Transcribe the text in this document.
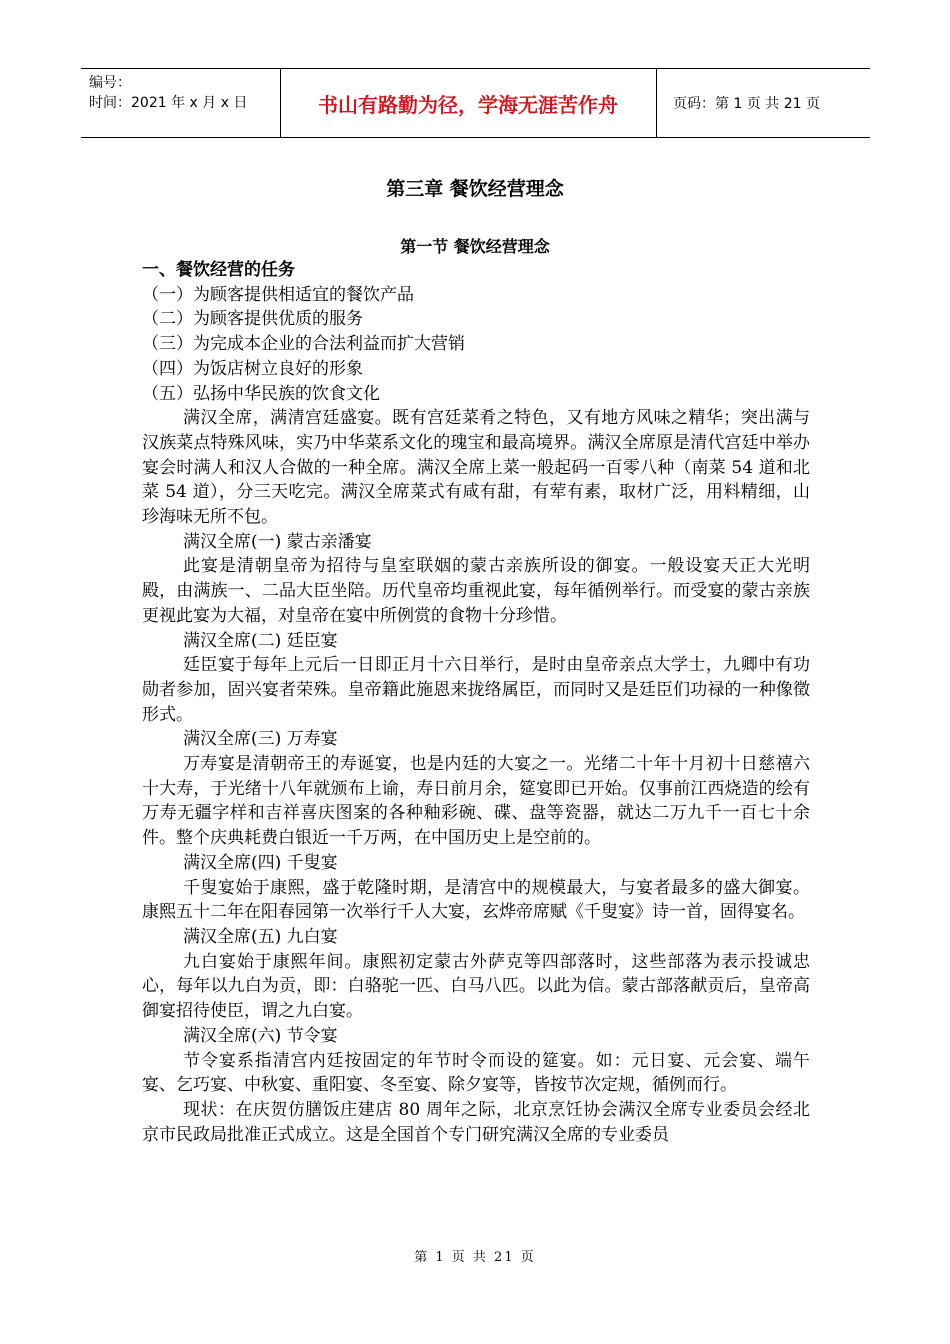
编号：
时间：2021 年 x 月 x 日	书山有路勤为径，学海无涯苦作舟	页码：第 1 页 共 21 页
第三章 餐饮经营理念
第一节 餐饮经营理念

一、餐饮经营的任务

（一）为顾客提供相适宜的餐饮产品

（二）为顾客提供优质的服务

（三）为完成本企业的合法利益而扩大营销

（四）为饭店树立良好的形象

（五）弘扬中华民族的饮食文化

满汉全席，满清宫廷盛宴。既有宫廷菜肴之特色，又有地方风味之精华；突出满与汉族菜点特殊风味，实乃中华菜系文化的瑰宝和最高境界。满汉全席原是清代宫廷中举办宴会时满人和汉人合做的一种全席。满汉全席上菜一般起码一百零八种（南菜 54 道和北菜 54 道），分三天吃完。满汉全席菜式有咸有甜，有荤有素，取材广泛，用料精细，山珍海味无所不包。

满汉全席(一) 蒙古亲潘宴

此宴是清朝皇帝为招待与皇室联姻的蒙古亲族所设的御宴。一般设宴天正大光明殿，由满族一、二品大臣坐陪。历代皇帝均重视此宴，每年循例举行。而受宴的蒙古亲族更视此宴为大福，对皇帝在宴中所例赏的食物十分珍惜。

满汉全席(二) 廷臣宴

廷臣宴于每年上元后一日即正月十六日举行，是时由皇帝亲点大学士，九卿中有功勋者参加，固兴宴者荣殊。皇帝籍此施恩来拢络属臣，而同时又是廷臣们功禄的一种像徵形式。

满汉全席(三) 万寿宴

万寿宴是清朝帝王的寿诞宴，也是内廷的大宴之一。光绪二十年十月初十日慈禧六十大寿，于光绪十八年就颁布上谕，寿日前月余，筵宴即已开始。仅事前江西烧造的绘有万寿无疆字样和吉祥喜庆图案的各种釉彩碗、碟、盘等瓷器，就达二万九千一百七十余件。整个庆典耗费白银近一千万两，在中国历史上是空前的。

满汉全席(四) 千叟宴

千叟宴始于康熙，盛于乾隆时期，是清宫中的规模最大，与宴者最多的盛大御宴。康熙五十二年在阳春园第一次举行千人大宴，玄烨帝席赋《千叟宴》诗一首，固得宴名。

满汉全席(五) 九白宴

九白宴始于康熙年间。康熙初定蒙古外萨克等四部落时，这些部落为表示投诚忠心，每年以九白为贡，即：白骆驼一匹、白马八匹。以此为信。蒙古部落献贡后，皇帝高御宴招待使臣，谓之九白宴。

满汉全席(六) 节令宴

节令宴系指清宫内廷按固定的年节时令而设的筵宴。如：元日宴、元会宴、端午宴、乞巧宴、中秋宴、重阳宴、冬至宴、除夕宴等，皆按节次定规，循例而行。

现状：在庆贺仿膳饭庄建店 80 周年之际，北京烹饪协会满汉全席专业委员会经北京市民政局批准正式成立。这是全国首个专门研究满汉全席的专业委员

第 1 页 共 21 页
